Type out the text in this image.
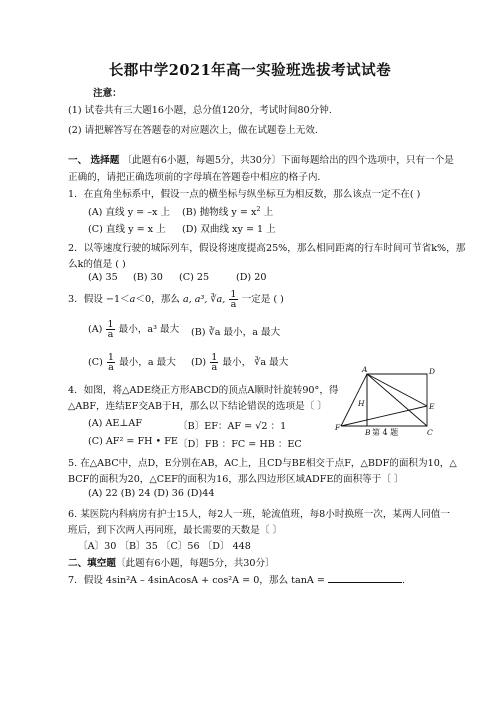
长郡中学2021年高一实验班选拔考试试卷
注意：
(1) 试卷共有三大题16小题，总分值120分，考试时间80分钟.
(2) 请把解答写在答题卷的对应题次上，做在试题卷上无效.
一、 选择题 〔此题有6小题，每题5分，共30分〕下面每题给出的四个选项中，只有一个是
正确的，请把正确选项前的字母填在答题卷中相应的格子内.
1．在直角坐标系中，假设一点的横坐标与纵坐标互为相反数，那么该点一定不在( )
(A) 直线 y = –x 上 (B) 抛物线 $y = x^2$ 上
(C) 直线 y = x 上 (D) 双曲线 xy = 1 上
2．以等速度行驶的城际列车，假设将速度提高25%，那么相同距离的行车时间可节省k%，那
么k的值是 ( )
(A) 35 (B) 30 (C) 25	(D) 20
3．假设 −1＜a＜0，那么 a, a³, ∛a, $\frac{1}{a}$ 一定是 ( )
$(A) \frac{1}{a}$ 最小，a³ 最大 (B) ∛a 最小，a 最大
$(C) \frac{1}{a}$ 最小，a 最大 $(D) \frac{1}{a}$ 最小， ∛a 最大
4．如图，将△ADE绕正方形ABCD的顶点A顺时针旋转90°，得
△ABF，连结EF交AB于H，那么以下结论错误的选项是〔 〕
(A) AE⊥AF	〔B〕EF：AF = √2 ：1
(C) AF² = FH • FE 〔D〕FB ：FC = HB ：EC
A	D
E
H
F
B	C
第 4 题
5. 在△ABC中，点D，E分别在AB，AC上，且CD与BE相交于点F，△BDF的面积为10，△
BCF的面积为20，△CEF的面积为16，那么四边形区域ADFE的面积等于〔 〕
(A) 22 (B) 24 (D) 36 (D)44
6. 某医院内科病房有护士15人，每2人一班，轮流值班，每8小时换班一次，某两人同值一
班后，到下次两人再同班，最长需要的天数是〔 〕
〔A〕30 〔B〕35 〔C〕56 〔D〕 448
二、填空题〔此题有6小题，每题5分，共30分〕
7．假设 4sin²A – 4sinAcosA + cos²A = 0，那么 tanA =	.
